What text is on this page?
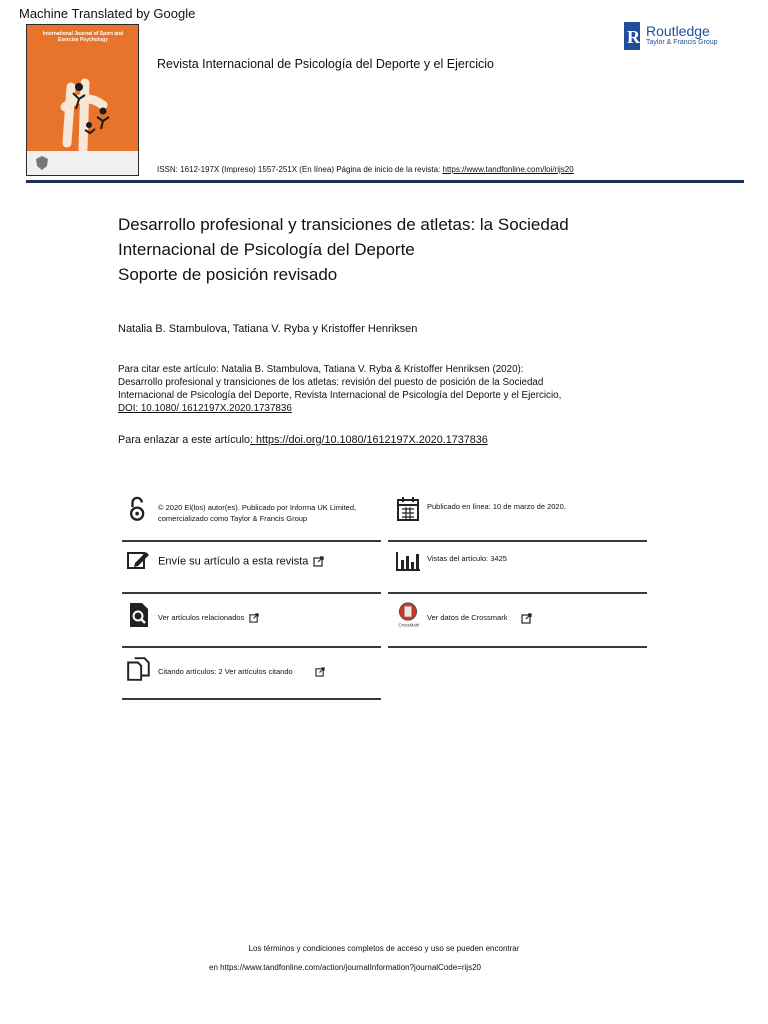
Machine Translated by Google
International Journal of Sport and Exercise Psychology	R Routledge
Taylor & Francis Group
Revista Internacional de Psicología del Deporte y el Ejercicio
ISSN: 1612-197X (Impreso) 1557-251X (En línea) Página de inicio de la revista: https://www.tandfonline.com/loi/rijs20
Desarrollo profesional y transiciones de atletas: la Sociedad
Internacional de Psicología del Deporte
Soporte de posición revisado
Natalia B. Stambulova, Tatiana V. Ryba y Kristoffer Henriksen
Para citar este artículo: Natalia B. Stambulova, Tatiana V. Ryba & Kristoffer Henriksen (2020):
Desarrollo profesional y transiciones de los atletas: revisión del puesto de posición de la Sociedad
Internacional de Psicología del Deporte, Revista Internacional de Psicología del Deporte y el Ejercicio,
DOI: 10.1080/ 1612197X.2020.1737836
Para enlazar a este artículo: https://doi.org/10.1080/1612197X.2020.1737836
© 2020 El(los) autor(es). Publicado por Informa UK Limited,
comercializado como Taylor & Francis Group
Envíe su artículo a esta revista
Ver artículos relacionados
Citando artículos: 2 Ver artículos citando
Publicado en línea: 10 de marzo de 2020.
Vistas del artículo: 3425
CrossMark
Ver datos de Crossmark
Los términos y condiciones completos de acceso y uso se pueden encontrar
en https://www.tandfonline.com/action/journalInformation?journalCode=rijs20
